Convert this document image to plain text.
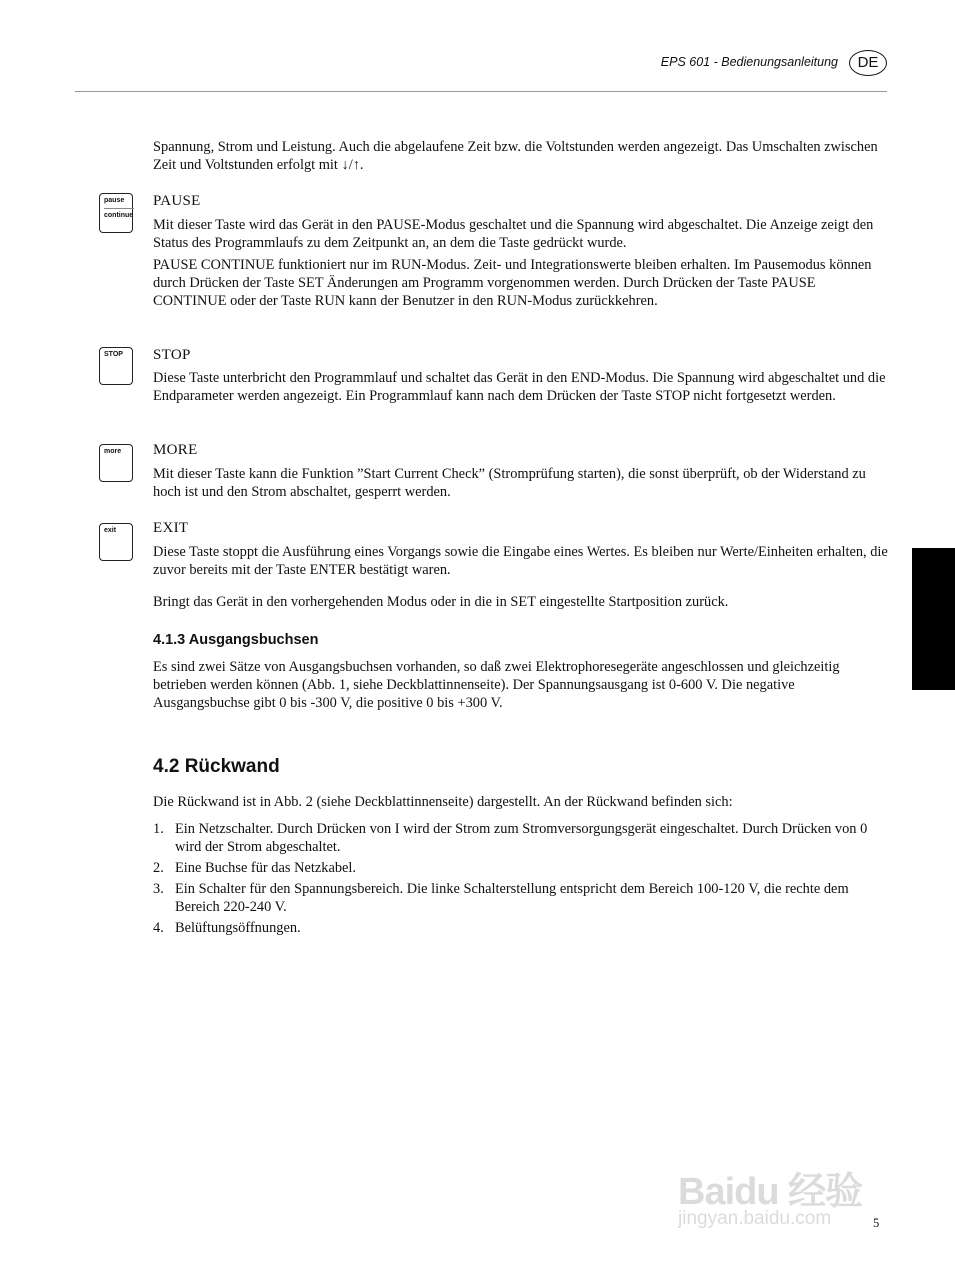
EPS 601 - Bedienungsanleitung	DE

Spannung, Strom und Leistung. Auch die abgelaufene Zeit bzw. die Voltstunden werden angezeigt. Das Umschalten zwischen Zeit und Voltstunden erfolgt mit ↓/↑.

pause
continue

PAUSE

Mit dieser Taste wird das Gerät in den PAUSE-Modus geschaltet und die Spannung wird abgeschaltet. Die Anzeige zeigt den Status des Programmlaufs zu dem Zeitpunkt an, an dem die Taste gedrückt wurde.

PAUSE CONTINUE funktioniert nur im RUN-Modus. Zeit- und Integrationswerte bleiben erhalten. Im Pausemodus können durch Drücken der Taste SET Änderungen am Programm vorgenommen werden. Durch Drücken der Taste PAUSE CONTINUE oder der Taste RUN kann der Benutzer in den RUN-Modus zurückkehren.

STOP	STOP

Diese Taste unterbricht den Programmlauf und schaltet das Gerät in den END-Modus. Die Spannung wird abgeschaltet und die Endparameter werden angezeigt. Ein Programmlauf kann nach dem Drücken der Taste STOP nicht fortgesetzt werden.

more	MORE

Mit dieser Taste kann die Funktion ”Start Current Check” (Stromprüfung starten), die sonst überprüft, ob der Widerstand zu hoch ist und den Strom abschaltet, gesperrt werden.

exit	EXIT

Diese Taste stoppt die Ausführung eines Vorgangs sowie die Eingabe eines Wertes. Es bleiben nur Werte/Einheiten erhalten, die zuvor bereits mit der Taste ENTER bestätigt waren.

Bringt das Gerät in den vorhergehenden Modus oder in die in SET eingestellte Startposition zurück.

4.1.3 Ausgangsbuchsen

Es sind zwei Sätze von Ausgangsbuchsen vorhanden, so daß zwei Elektrophoresegeräte angeschlossen und gleichzeitig betrieben werden können (Abb. 1, siehe Deckblattinnenseite). Der Spannungsausgang ist 0-600 V. Die negative Ausgangsbuchse gibt 0 bis -300 V, die positive 0 bis +300 V.

4.2 Rückwand

Die Rückwand ist in Abb. 2 (siehe Deckblattinnenseite) dargestellt. An der Rückwand befinden sich:

1. Ein Netzschalter. Durch Drücken von I wird der Strom zum Stromversorgungsgerät eingeschaltet. Durch Drücken von 0 wird der Strom abgeschaltet.
2. Eine Buchse für das Netzkabel.
3. Ein Schalter für den Spannungsbereich. Die linke Schalterstellung entspricht dem Bereich 100-120 V, die rechte dem Bereich 220-240 V.
4. Belüftungsöffnungen.
Baidu 经验
jingyan.baidu.com	5
